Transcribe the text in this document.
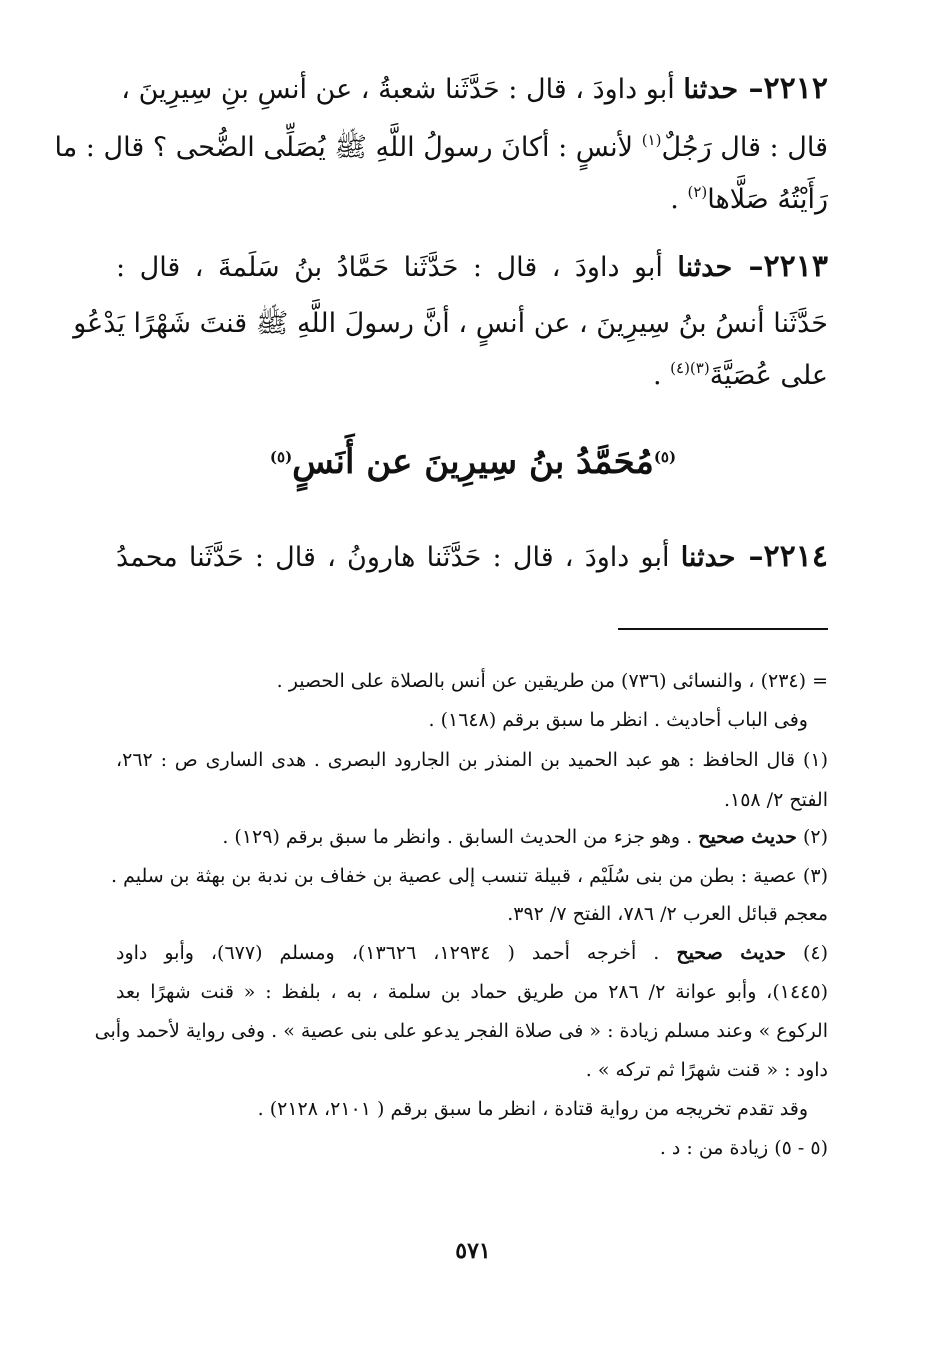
٢٢١٢– حدثنا أبو داودَ ، قال : حَدَّثَنا شعبةُ ، عن أنسِ بنِ سِيرِينَ ،
قال : قال رَجُلٌ$^{(١)}$ لأنسٍ : أكانَ رسولُ اللَّهِ ﷺ يُصَلِّى الضُّحى ؟ قال : ما
رَأَيْتُهُ صَلَّاها$^{(٢)}$ .
٢٢١٣– حدثنا أبو داودَ ، قال : حَدَّثَنا حَمَّادُ بنُ سَلَمةَ ، قال :
حَدَّثَنا أنسُ بنُ سِيرِينَ ، عن أنسٍ ، أنَّ رسولَ اللَّهِ ﷺ قنتَ شَهْرًا يَدْعُو
على عُصَيَّةَ$^{(٣)(٤)}$ .
$^{(٥)}$مُحَمَّدُ بنُ سِيرِينَ عن أَنَسٍ$^{(٥)}$
٢٢١٤– حدثنا أبو داودَ ، قال : حَدَّثَنا هارونُ ، قال : حَدَّثَنا محمدُ
= (٢٣٤) ، والنسائى (٧٣٦) من طريقين عن أنس بالصلاة على الحصير .
وفى الباب أحاديث . انظر ما سبق برقم (١٦٤٨) .
(١) قال الحافظ : هو عبد الحميد بن المنذر بن الجارود البصرى . هدى السارى ص : ٢٦٢،
الفتح ٢/ ١٥٨.
(٢) حديث صحيح . وهو جزء من الحديث السابق . وانظر ما سبق برقم (١٢٩) .
(٣) عصية : بطن من بنى سُلَيْم ، قبيلة تنسب إلى عصية بن خفاف بن ندبة بن بهثة بن سليم .
معجم قبائل العرب ٢/ ٧٨٦، الفتح ٧/ ٣٩٢.
(٤) حديث صحيح . أخرجه أحمد ( ١٢٩٣٤، ١٣٦٢٦)، ومسلم (٦٧٧)، وأبو داود
(١٤٤٥)، وأبو عوانة ٢/ ٢٨٦ من طريق حماد بن سلمة ، به ، بلفظ : « قنت شهرًا بعد
الركوع » وعند مسلم زيادة : « فى صلاة الفجر يدعو على بنى عصية » . وفى رواية لأحمد وأبى
داود : « قنت شهرًا ثم تركه » .
وقد تقدم تخريجه من رواية قتادة ، انظر ما سبق برقم ( ٢١٠١، ٢١٢٨) .
(٥ - ٥) زيادة من : د .
٥٧١
